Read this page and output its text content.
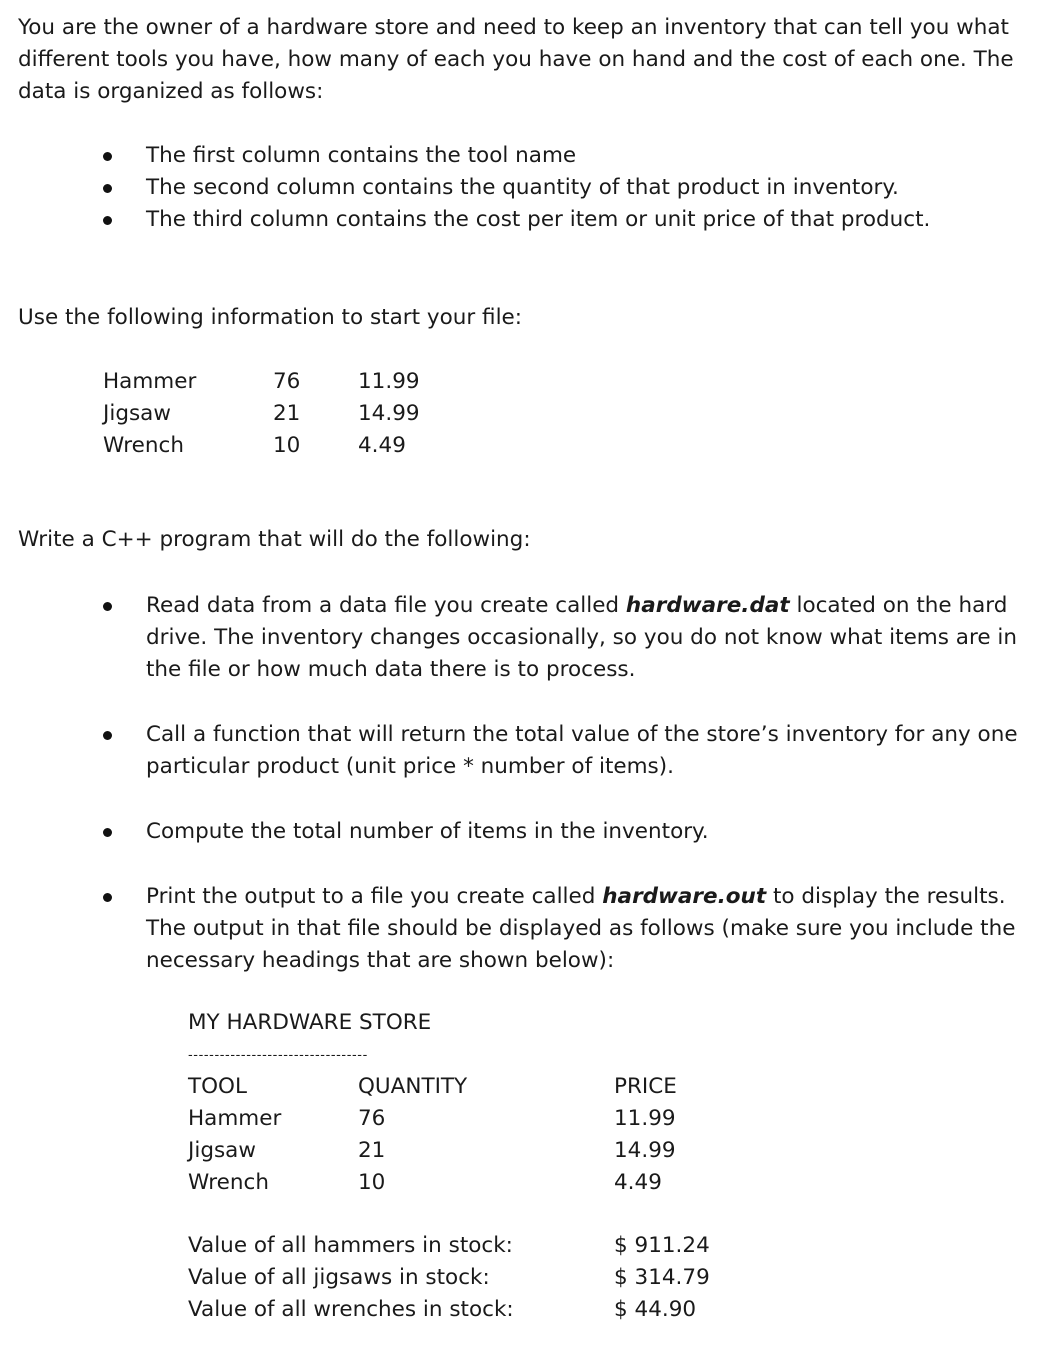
You are the owner of a hardware store and need to keep an inventory that can tell you what different tools you have, how many of each you have on hand and the cost of each one. The data is organized as follows:

The first column contains the tool name
The second column contains the quantity of that product in inventory.
The third column contains the cost per item or unit price of that product.

Use the following information to start your file:

Hammer	76	11.99
Jigsaw	21	14.99
Wrench	10	4.49

Write a C++ program that will do the following:

Read data from a data file you create called hardware.dat located on the hard drive. The inventory changes occasionally, so you do not know what items are in the file or how much data there is to process.
Call a function that will return the total value of the store’s inventory for any one particular product (unit price * number of items).
Compute the total number of items in the inventory.
Print the output to a file you create called hardware.out to display the results. The output in that file should be displayed as follows (make sure you include the necessary headings that are shown below):
MY HARDWARE STORE
----------------------------------
TOOL	QUANTITY	PRICE
Hammer	76	11.99
Jigsaw	21	14.99
Wrench	10	4.49
Value of all hammers in stock:	$ 911.24
Value of all jigsaws in stock:	$ 314.79
Value of all wrenches in stock:	$ 44.90
